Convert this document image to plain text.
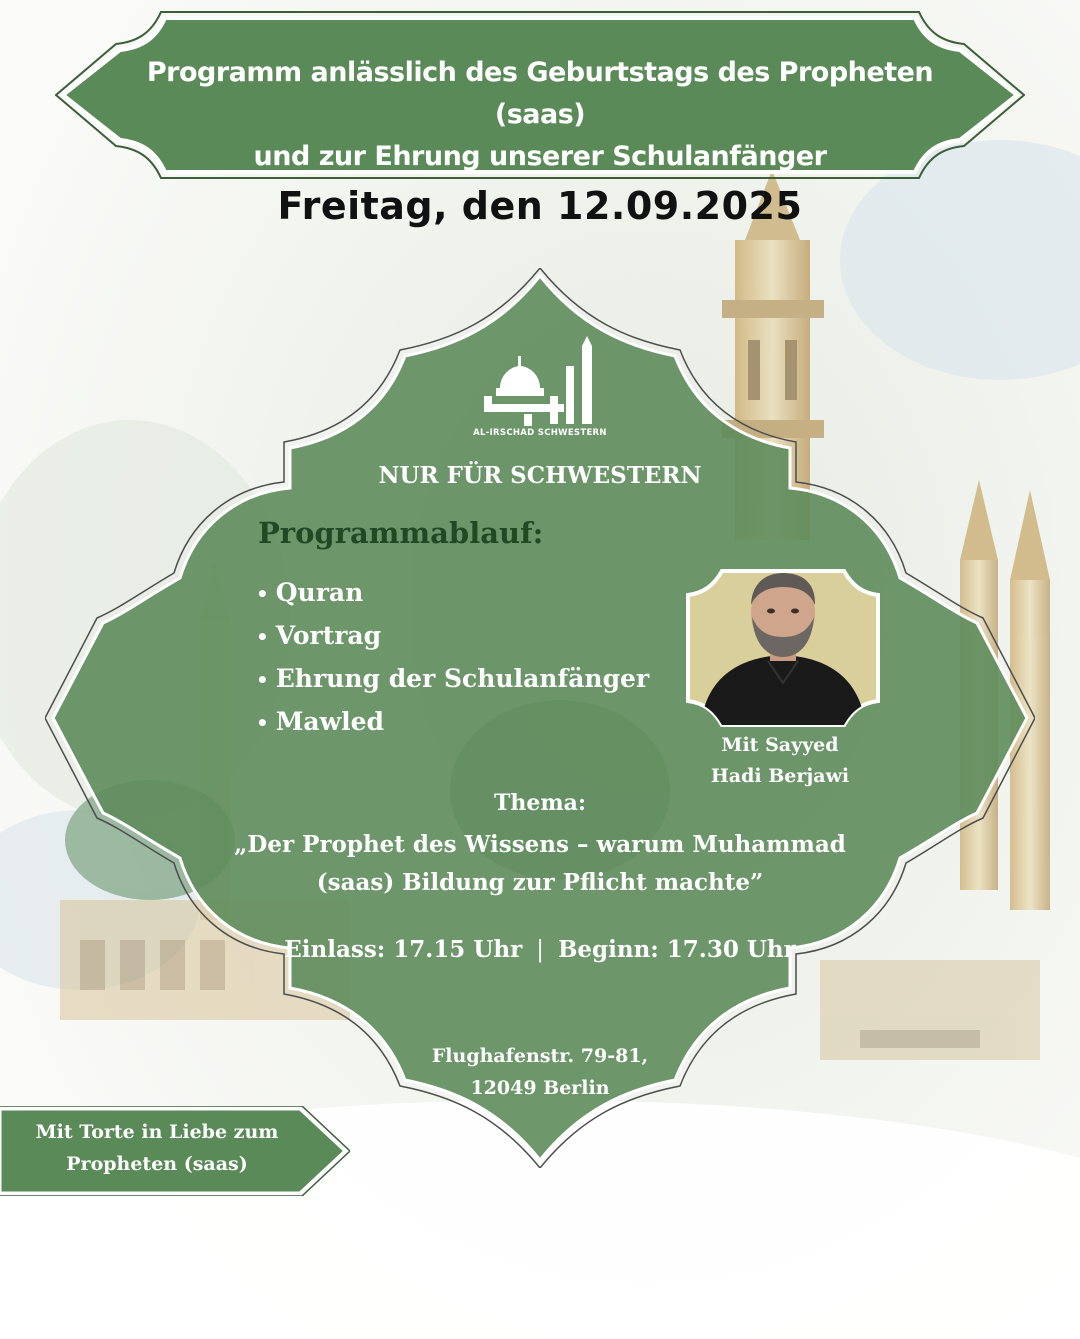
Programm anlässlich des Geburtstags des Propheten (saas)
und zur Ehrung unserer Schulanfänger
Freitag, den 12.09.2025
AL-IRSCHAD SCHWESTERN
NUR FÜR SCHWESTERN
Programmablauf:
• Quran
• Vortrag
• Ehrung der Schulanfänger
• Mawled
Mit Sayyed
Hadi Berjawi
Thema:
„Der Prophet des Wissens – warum Muhammad
(saas) Bildung zur Pflicht machte”
Einlass: 17.15 Uhr | Beginn: 17.30 Uhr
Flughafenstr. 79-81,
12049 Berlin
Mit Torte in Liebe zum
Propheten (saas)
